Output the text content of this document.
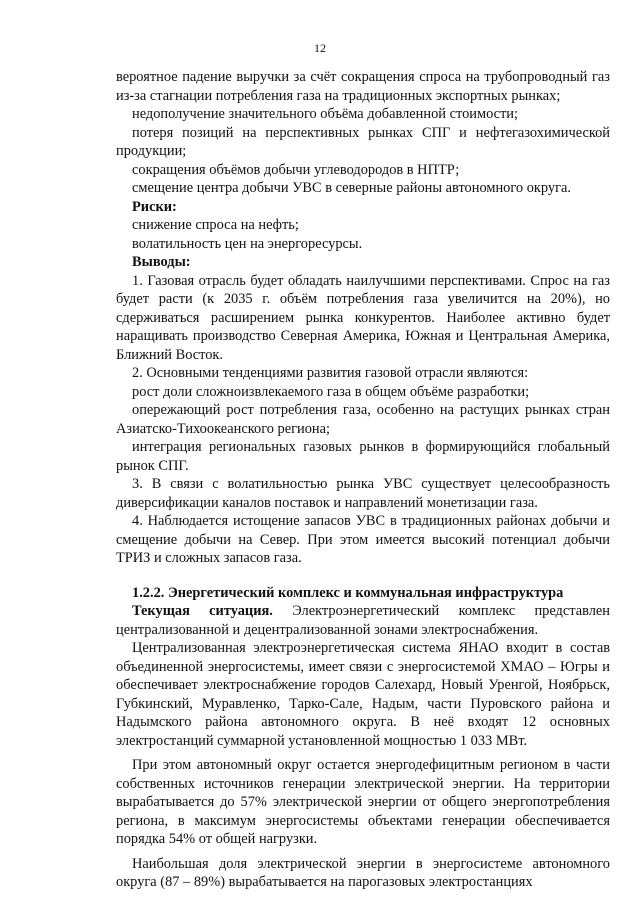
12

вероятное падение выручки за счёт сокращения спроса на трубопроводный газ из-за стагнации потребления газа на традиционных экспортных рынках;

недополучение значительного объёма добавленной стоимости;

потеря позиций на перспективных рынках СПГ и нефтегазохимической продукции;

сокращения объёмов добычи углеводородов в НПТР;

смещение центра добычи УВС в северные районы автономного округа.

Риски:

снижение спроса на нефть;

волатильность цен на энергоресурсы.

Выводы:

1. Газовая отрасль будет обладать наилучшими перспективами. Спрос на газ будет расти (к 2035 г. объём потребления газа увеличится на 20%), но сдерживаться расширением рынка конкурентов. Наиболее активно будет наращивать производство Северная Америка, Южная и Центральная Америка, Ближний Восток.

2. Основными тенденциями развития газовой отрасли являются:

рост доли сложноизвлекаемого газа в общем объёме разработки;

опережающий рост потребления газа, особенно на растущих рынках стран Азиатско-Тихоокеанского региона;

интеграция региональных газовых рынков в формирующийся глобальный рынок СПГ.

3. В связи с волатильностью рынка УВС существует целесообразность диверсификации каналов поставок и направлений монетизации газа.

4. Наблюдается истощение запасов УВС в традиционных районах добычи и смещение добычи на Север. При этом имеется высокий потенциал добычи ТРИЗ и сложных запасов газа.

1.2.2. Энергетический комплекс и коммунальная инфраструктура

Текущая ситуация. Электроэнергетический комплекс представлен централизованной и децентрализованной зонами электроснабжения.

Централизованная электроэнергетическая система ЯНАО входит в состав объединенной энергосистемы, имеет связи с энергосистемой ХМАО – Югры и обеспечивает электроснабжение городов Салехард, Новый Уренгой, Ноябрьск, Губкинский, Муравленко, Тарко-Сале, Надым, части Пуровского района и Надымского района автономного округа. В неё входят 12 основных электростанций суммарной установленной мощностью 1 033 МВт.

При этом автономный округ остается энергодефицитным регионом в части собственных источников генерации электрической энергии. На территории вырабатывается до 57% электрической энергии от общего энергопотребления региона, в максимум энергосистемы объектами генерации обеспечивается порядка 54% от общей нагрузки.

Наибольшая доля электрической энергии в энергосистеме автономного округа (87 – 89%) вырабатывается на парогазовых электростанциях
